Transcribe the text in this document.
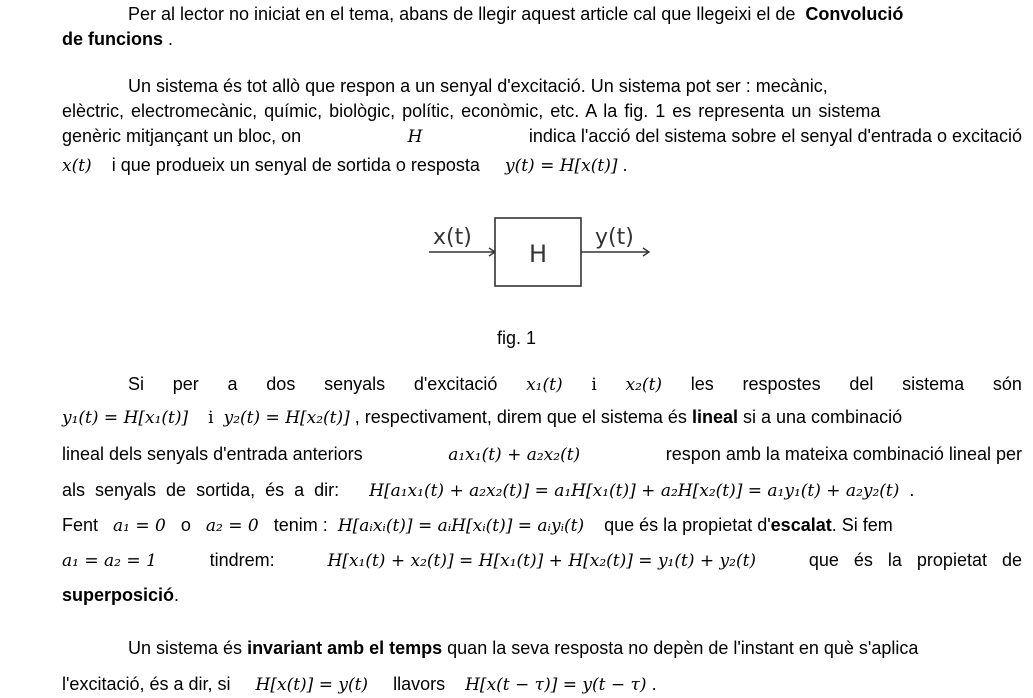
Per al lector no iniciat en el tema, abans de llegir aquest article cal que llegeixi el de Convolució
de funcions .
Un sistema és tot allò que respon a un senyal d'excitació. Un sistema pot ser : mecànic,
elèctric, electromecànic, químic, biològic, polític, econòmic, etc. A la fig. 1 es representa un sistema
genèric mitjançant un bloc, on	H	indica l'acció del sistema sobre el senyal d'entrada o excitació
x(t) i que produeix un senyal de sortida o resposta y(t) = H[x(t)] .
x(t)
H
y(t)
fig. 1
Si per a dos senyals d'excitació x₁(t) i x₂(t) les respostes del sistema són
y₁(t) = H[x₁(t)] i y₂(t) = H[x₂(t)] , respectivament, direm que el sistema és lineal si a una combinació
lineal dels senyals d'entrada anteriors	a₁x₁(t) + a₂x₂(t)	respon amb la mateixa combinació lineal per
als senyals de sortida, és a dir: H[a₁x₁(t) + a₂x₂(t)] = a₁H[x₁(t)] + a₂H[x₂(t)] = a₁y₁(t) + a₂y₂(t) .
Fent a₁ = 0 o a₂ = 0 tenim : H[aᵢxᵢ(t)] = aᵢH[xᵢ(t)] = aᵢyᵢ(t) que és la propietat d'escalat. Si fem
a₁ = a₂ = 1	tindrem:	H[x₁(t) + x₂(t)] = H[x₁(t)] + H[x₂(t)] = y₁(t) + y₂(t)	que és la propietat de
superposició.
Un sistema és invariant amb el temps quan la seva resposta no depèn de l'instant en què s'aplica
l'excitació, és a dir, si H[x(t)] = y(t) llavors H[x(t − τ)] = y(t − τ) .
